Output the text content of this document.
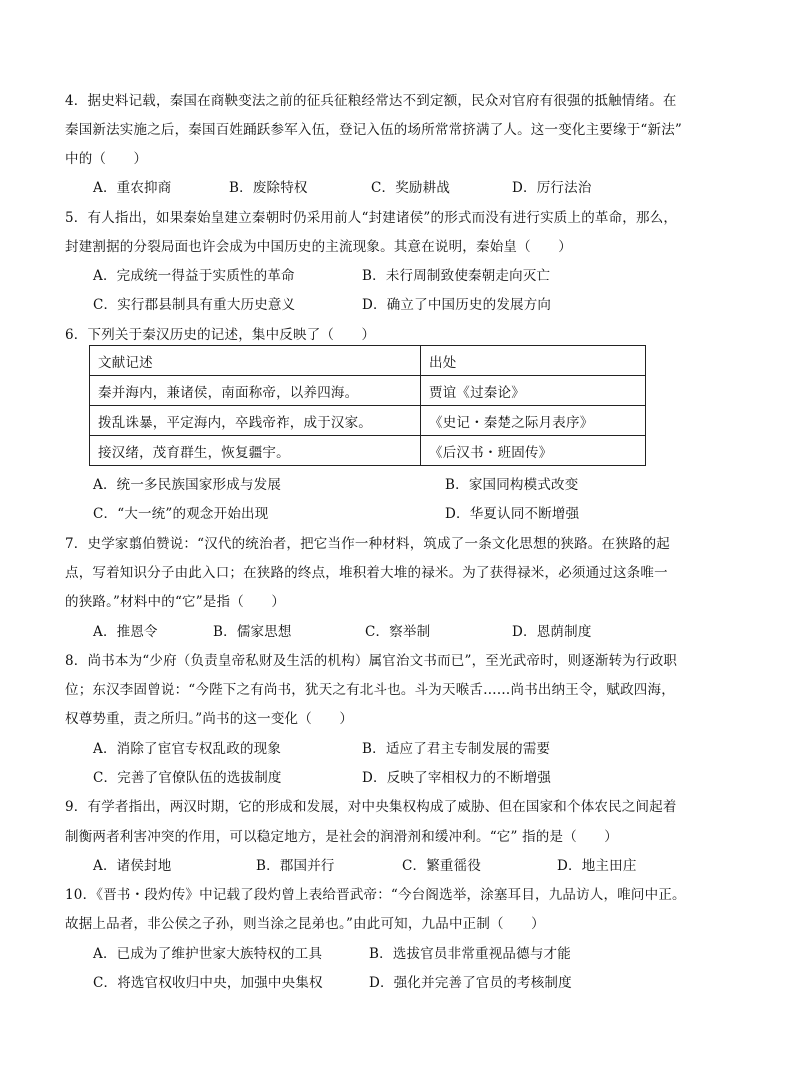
4．据史料记载，秦国在商鞅变法之前的征兵征粮经常达不到定额，民众对官府有很强的抵触情绪。在
秦国新法实施之后，秦国百姓踊跃参军入伍，登记入伍的场所常常挤满了人。这一变化主要缘于“新法”
中的（　　）
A．重农抑商	B．废除特权	C．奖励耕战	D．厉行法治
5．有人指出，如果秦始皇建立秦朝时仍采用前人“封建诸侯”的形式而没有进行实质上的革命，那么，
封建割据的分裂局面也许会成为中国历史的主流现象。其意在说明，秦始皇（　　）
A．完成统一得益于实质性的革命	B．未行周制致使秦朝走向灭亡
C．实行郡县制具有重大历史意义	D．确立了中国历史的发展方向
6．下列关于秦汉历史的记述，集中反映了（　　）
文献记述	出处
秦并海内，兼诸侯，南面称帝，以养四海。	贾谊《过秦论》
拨乱诛暴，平定海内，卒践帝祚，成于汉家。	《史记・秦楚之际月表序》
接汉绪，茂育群生，恢复疆宇。	《后汉书・班固传》
A．统一多民族国家形成与发展	B．家国同构模式改变
C．“大一统”的观念开始出现	D．华夏认同不断增强
7．史学家翦伯赞说：“汉代的统治者，把它当作一种材料，筑成了一条文化思想的狭路。在狭路的起
点，写着知识分子由此入口；在狭路的终点，堆积着大堆的禄米。为了获得禄米，必须通过这条唯一
的狭路。”材料中的“它”是指（　　）
A．推恩令	B．儒家思想	C．察举制	D．恩荫制度
8．尚书本为“少府（负责皇帝私财及生活的机构）属官治文书而已”，至光武帝时，则逐渐转为行政职
位；东汉李固曾说：“今陛下之有尚书，犹天之有北斗也。斗为天喉舌……尚书出纳王令，赋政四海，
权尊势重，责之所归。”尚书的这一变化（　　）
A．消除了宦官专权乱政的现象	B．适应了君主专制发展的需要
C．完善了官僚队伍的选拔制度	D．反映了宰相权力的不断增强
9．有学者指出，两汉时期，它的形成和发展，对中央集权构成了威胁、但在国家和个体农民之间起着
制衡两者利害冲突的作用，可以稳定地方，是社会的润滑剂和缓冲利。“它” 指的是（　　）
A．诸侯封地	B．郡国并行	C．繁重徭役	D．地主田庄
10．《晋书・段灼传》中记载了段灼曾上表给晋武帝：“今台阁选举，涂塞耳目，九品访人，唯问中正。
故据上品者，非公侯之子孙，则当涂之昆弟也。”由此可知，九品中正制（　　）
A．已成为了维护世家大族特权的工具	B．选拔官员非常重视品德与才能
C．将选官权收归中央，加强中央集权	D．强化并完善了官员的考核制度
